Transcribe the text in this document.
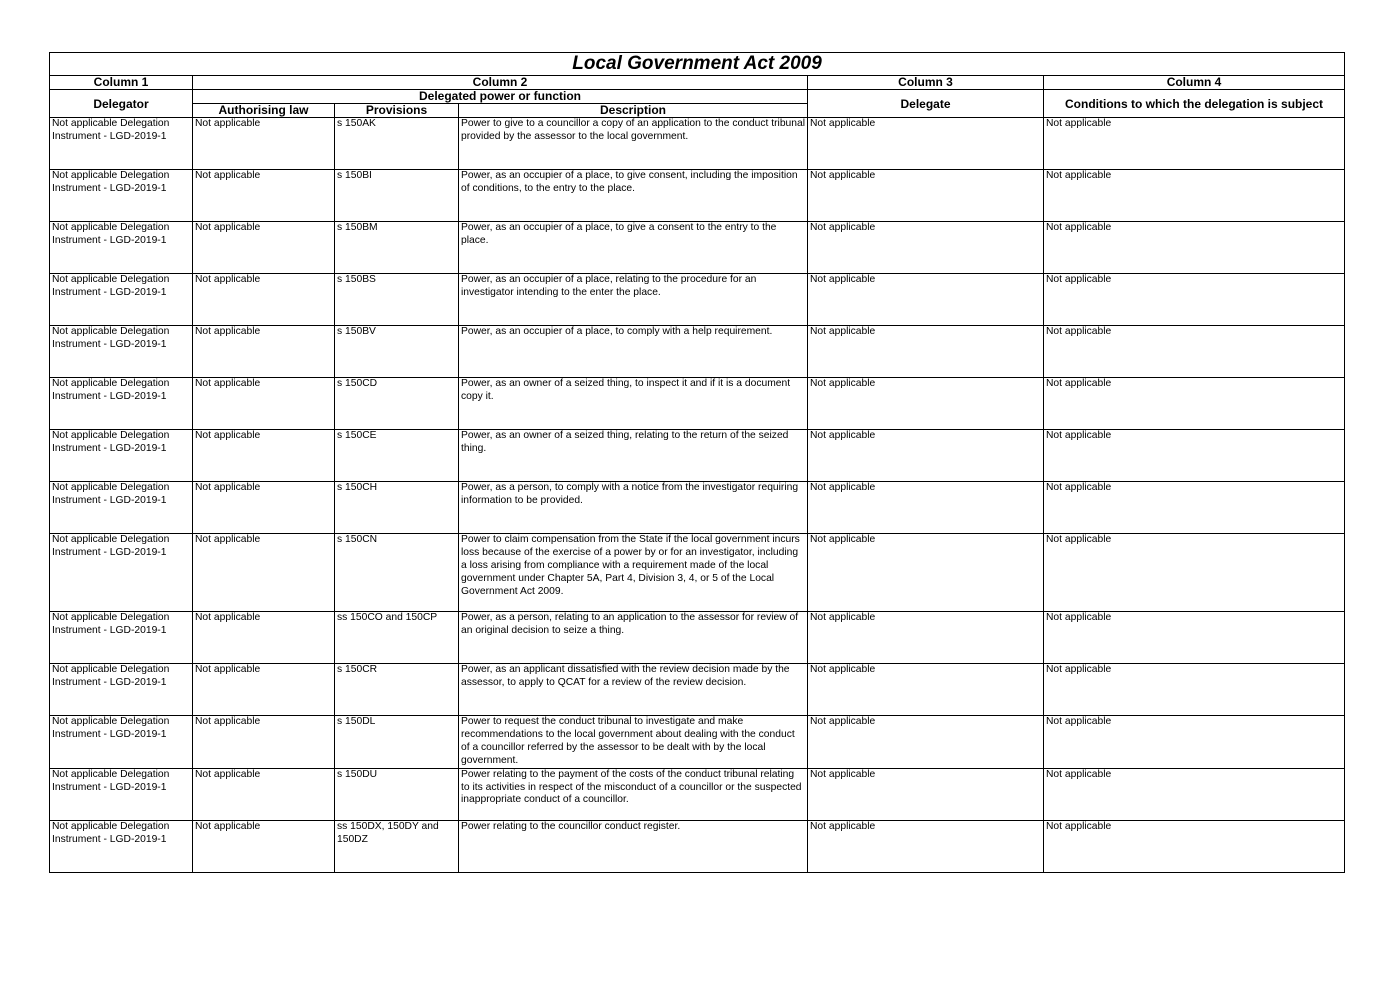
Local Government Act 2009					
Column 1	Column 2			Column 3	Column 4
Delegator	Delegated power or function			Delegate	Conditions to which the delegation is subject
	Authorising law	Provisions	Description		
Not applicable Delegation Instrument - LGD-2019-1	Not applicable	s 150AK	Power to give to a councillor a copy of an application to the conduct tribunal provided by the assessor to the local government.	Not applicable	Not applicable
Not applicable Delegation Instrument - LGD-2019-1	Not applicable	s 150BI	Power, as an occupier of a place, to give consent, including the imposition of conditions, to the entry to the place.	Not applicable	Not applicable
Not applicable Delegation Instrument - LGD-2019-1	Not applicable	s 150BM	Power, as an occupier of a place, to give a consent to the entry to the place.	Not applicable	Not applicable
Not applicable Delegation Instrument - LGD-2019-1	Not applicable	s 150BS	Power, as an occupier of a place, relating to the procedure for an investigator intending to the enter the place.	Not applicable	Not applicable
Not applicable Delegation Instrument - LGD-2019-1	Not applicable	s 150BV	Power, as an occupier of a place, to comply with a help requirement.	Not applicable	Not applicable
Not applicable Delegation Instrument - LGD-2019-1	Not applicable	s 150CD	Power, as an owner of a seized thing, to inspect it and if it is a document copy it.	Not applicable	Not applicable
Not applicable Delegation Instrument - LGD-2019-1	Not applicable	s 150CE	Power, as an owner of a seized thing, relating to the return of the seized thing.	Not applicable	Not applicable
Not applicable Delegation Instrument - LGD-2019-1	Not applicable	s 150CH	Power, as a person, to comply with a notice from the investigator requiring information to be provided.	Not applicable	Not applicable
Not applicable Delegation Instrument - LGD-2019-1	Not applicable	s 150CN	Power to claim compensation from the State if the local government incurs loss because of the exercise of a power by or for an investigator, including a loss arising from compliance with a requirement made of the local government under Chapter 5A, Part 4, Division 3, 4, or 5 of the Local Government Act 2009.	Not applicable	Not applicable
Not applicable Delegation Instrument - LGD-2019-1	Not applicable	ss 150CO and 150CP	Power, as a person, relating to an application to the assessor for review of an original decision to seize a thing.	Not applicable	Not applicable
Not applicable Delegation Instrument - LGD-2019-1	Not applicable	s 150CR	Power, as an applicant dissatisfied with the review decision made by the assessor, to apply to QCAT for a review of the review decision.	Not applicable	Not applicable
Not applicable Delegation Instrument - LGD-2019-1	Not applicable	s 150DL	Power to request the conduct tribunal to investigate and make recommendations to the local government about dealing with the conduct of a councillor referred by the assessor to be dealt with by the local government.	Not applicable	Not applicable
Not applicable Delegation Instrument - LGD-2019-1	Not applicable	s 150DU	Power relating to the payment of the costs of the conduct tribunal relating to its activities in respect of the misconduct of a councillor or the suspected inappropriate conduct of a councillor.	Not applicable	Not applicable
Not applicable Delegation Instrument - LGD-2019-1	Not applicable	ss 150DX, 150DY and 150DZ	Power relating to the councillor conduct register.	Not applicable	Not applicable
